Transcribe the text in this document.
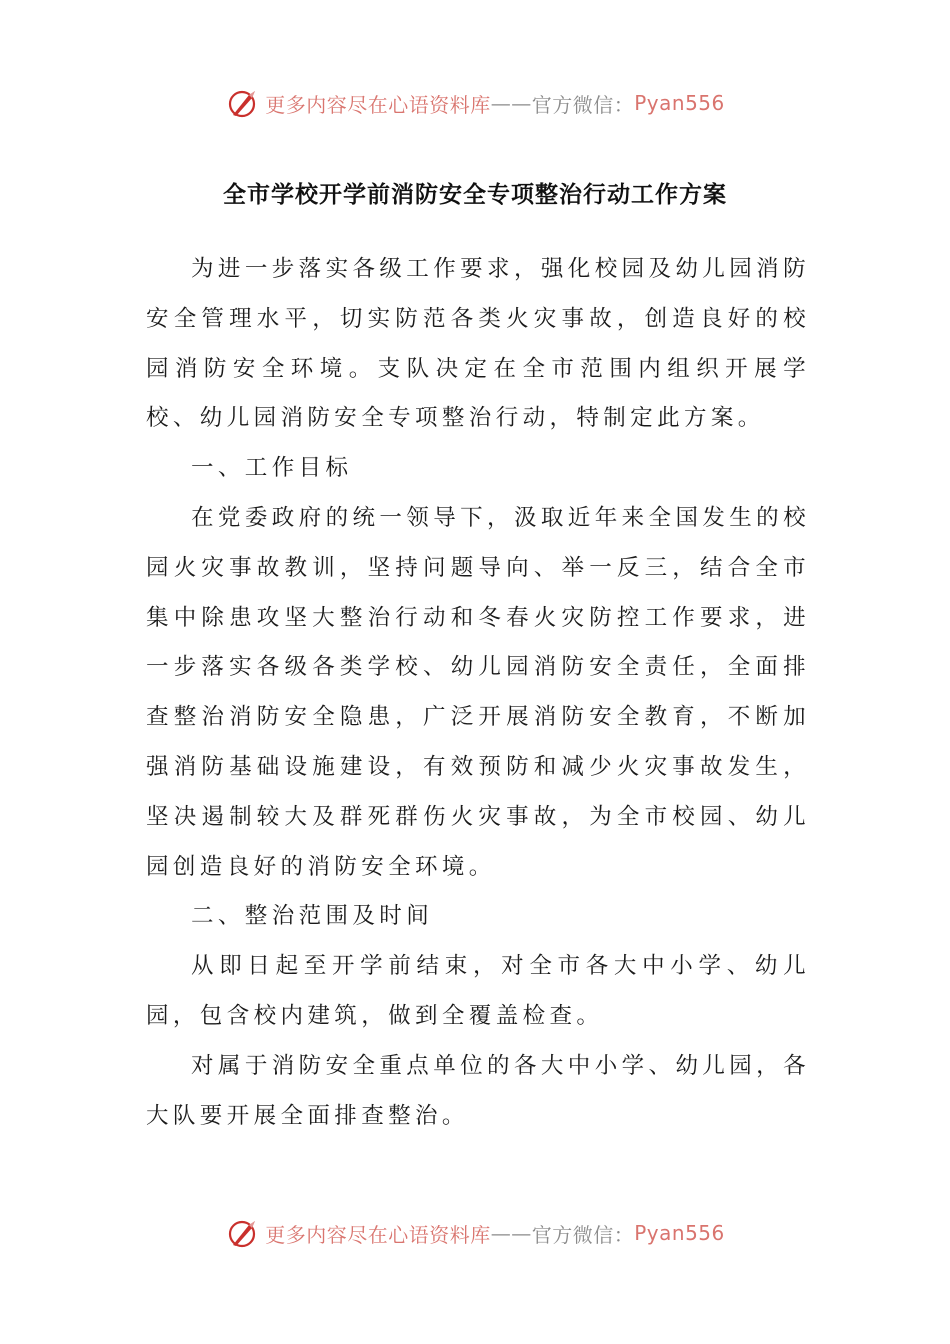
更多内容尽在心语资料库 —— 官方微信： Pyan556
全市学校开学前消防安全专项整治行动工作方案

为进一步落实各级工作要求，强化校园及幼儿园消防安全管理水平，切实防范各类火灾事故，创造良好的校园消防安全环境。支队决定在全市范围内组织开展学校、幼儿园消防安全专项整治行动，特制定此方案。

一、工作目标

在党委政府的统一领导下，汲取近年来全国发生的校园火灾事故教训，坚持问题导向、举一反三，结合全市集中除患攻坚大整治行动和冬春火灾防控工作要求，进一步落实各级各类学校、幼儿园消防安全责任，全面排查整治消防安全隐患，广泛开展消防安全教育，不断加强消防基础设施建设，有效预防和减少火灾事故发生，坚决遏制较大及群死群伤火灾事故，为全市校园、幼儿园创造良好的消防安全环境。

二、整治范围及时间

从即日起至开学前结束，对全市各大中小学、幼儿园，包含校内建筑，做到全覆盖检查。

对属于消防安全重点单位的各大中小学、幼儿园，各大队要开展全面排查整治。

更多内容尽在心语资料库 —— 官方微信： Pyan556
